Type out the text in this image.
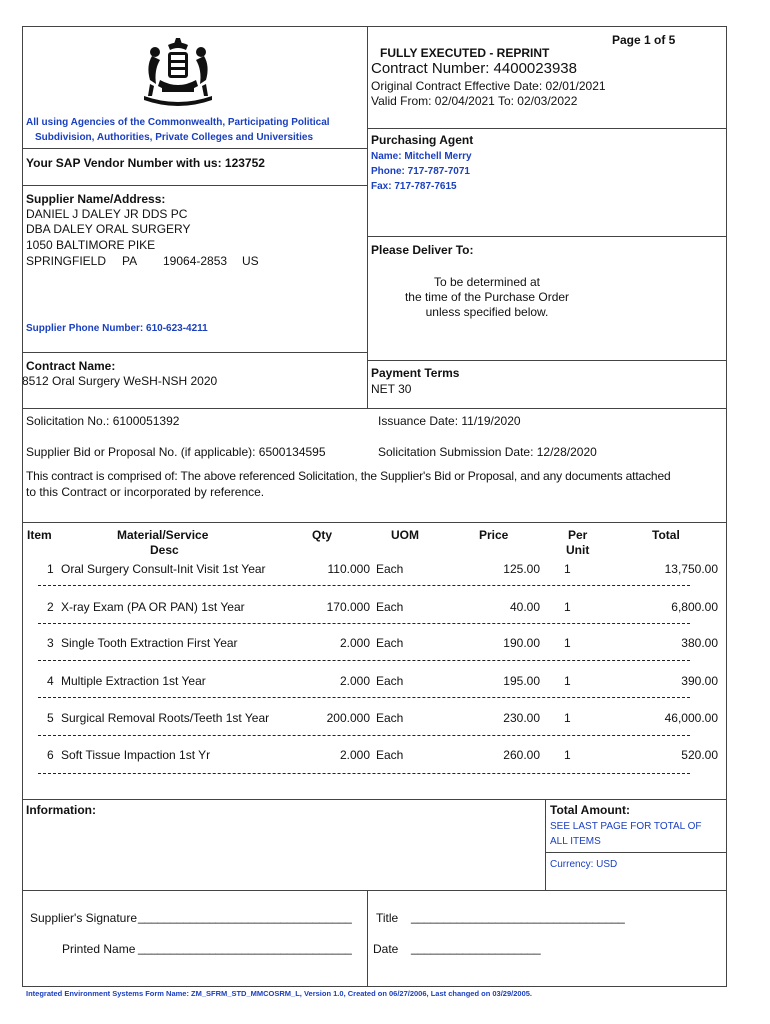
Page 1 of 5
FULLY EXECUTED - REPRINT
Contract Number: 4400023938
Original Contract Effective Date: 02/01/2021
Valid From: 02/04/2021 To: 02/03/2022
All using Agencies of the Commonwealth, Participating Political
Subdivision, Authorities, Private Colleges and Universities
Your SAP Vendor Number with us: 123752
Purchasing Agent
Name: Mitchell Merry
Phone: 717-787-7071
Fax: 717-787-7615
Supplier Name/Address:
DANIEL J DALEY JR DDS PC
DBA DALEY ORAL SURGERY
1050 BALTIMORE PIKE
SPRINGFIELD PA 19064-2853 US
Supplier Phone Number: 610-623-4211
Please Deliver To:
To be determined at
the time of the Purchase Order
unless specified below.
Contract Name:
8512 Oral Surgery WeSH-NSH 2020
Payment Terms
NET 30
Solicitation No.: 6100051392	Issuance Date: 11/19/2020
Supplier Bid or Proposal No. (if applicable): 6500134595	Solicitation Submission Date: 12/28/2020
This contract is comprised of: The above referenced Solicitation, the Supplier's Bid or Proposal, and any documents attached
to this Contract or incorporated by reference.
Item	Material/Service
Desc
Qty	UOM	Price	Per
Unit
Total
1 Oral Surgery Consult-Init Visit 1st Year	110.000 Each	125.00 1	13,750.00
2 X-ray Exam (PA OR PAN) 1st Year	170.000 Each	40.00 1	6,800.00
3 Single Tooth Extraction First Year	2.000 Each	190.00 1	380.00
4 Multiple Extraction 1st Year	2.000 Each	195.00 1	390.00
5 Surgical Removal Roots/Teeth 1st Year	200.000 Each	230.00 1	46,000.00
6 Soft Tissue Impaction 1st Yr	2.000 Each	260.00 1	520.00
Information:	Total Amount:
SEE LAST PAGE FOR TOTAL OF
ALL ITEMS
Currency: USD
Supplier's Signature _________________________________
Printed Name _________________________________
Title _________________________________
Date ____________________
Integrated Environment Systems Form Name: ZM_SFRM_STD_MMCOSRM_L, Version 1.0, Created on 06/27/2006, Last changed on 03/29/2005.
